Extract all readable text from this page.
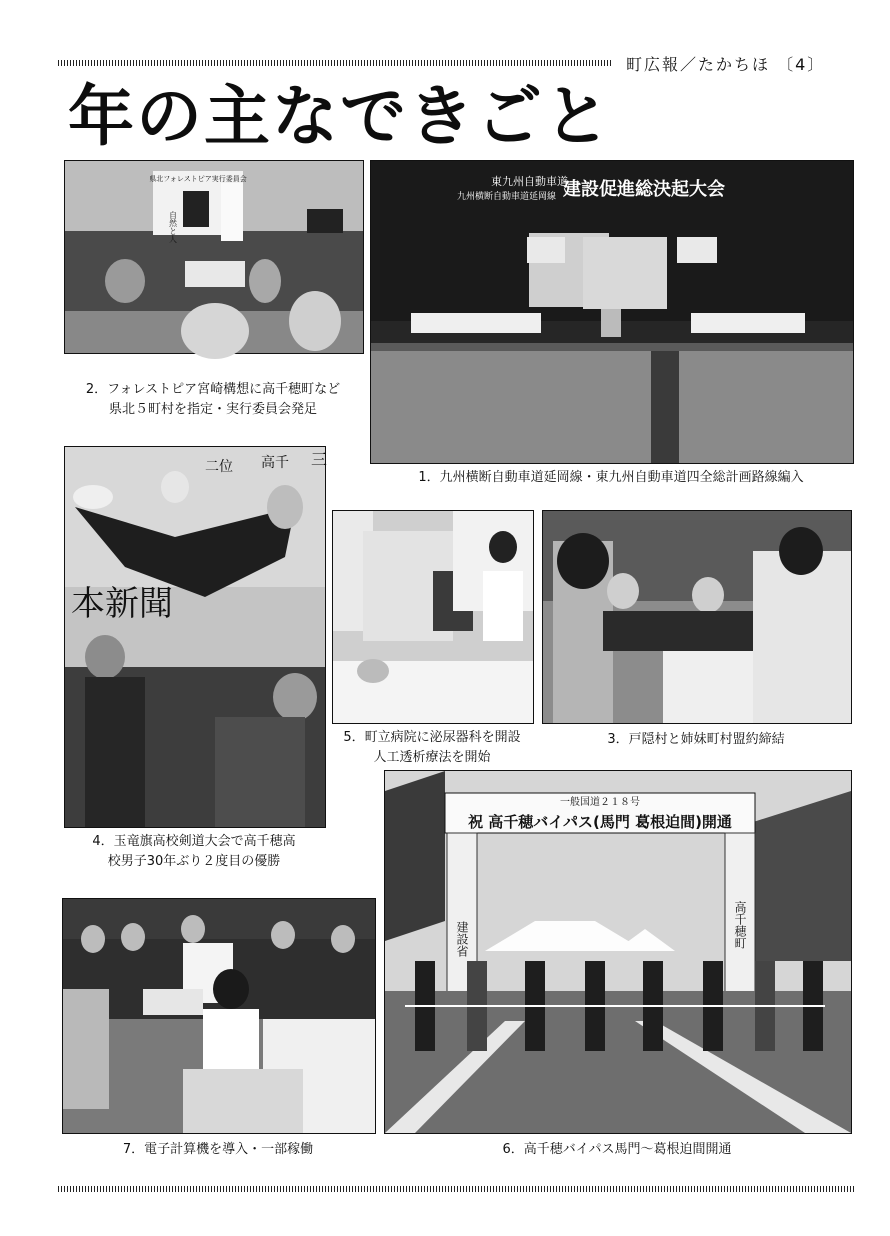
町広報／たかちほ 〔4〕
年の主なできごと
県北フォレストピア実行委員会
自然と人
東九州自動車道
九州横断自動車道延岡線 建設促進総決起大会
2．フォレストピア宮崎構想に高千穂町など
県北５町村を指定・実行委員会発足
1．九州横断自動車道延岡線・東九州自動車道四全総計画路線編入
本新聞
三
高千
二位
4．玉竜旗高校剣道大会で高千穂高
校男子30年ぶり２度目の優勝
5．町立病院に泌尿器科を開設
人工透析療法を開始
3．戸隠村と姉妹町村盟約締結
一般国道２１８号
祝 高千穂バイパス(馬門 葛根迫間)開通
建設省	高千穂町
7．電子計算機を導入・一部稼働	6．高千穂バイパス馬門～葛根迫間開通
